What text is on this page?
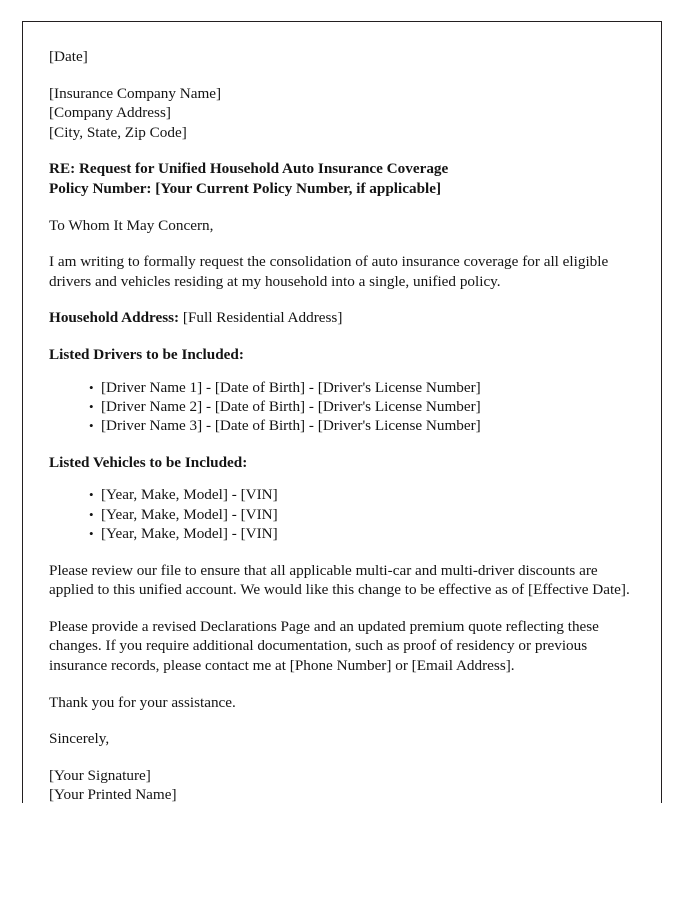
[Date]

[Insurance Company Name]
[Company Address]
[City, State, Zip Code]
RE: Request for Unified Household Auto Insurance Coverage
Policy Number: [Your Current Policy Number, if applicable]

To Whom It May Concern,

I am writing to formally request the consolidation of auto insurance coverage for all eligible drivers and vehicles residing at my household into a single, unified policy.

Household Address: [Full Residential Address]

Listed Drivers to be Included:

• [Driver Name 1] - [Date of Birth] - [Driver's License Number]
• [Driver Name 2] - [Date of Birth] - [Driver's License Number]
• [Driver Name 3] - [Date of Birth] - [Driver's License Number]

Listed Vehicles to be Included:

• [Year, Make, Model] - [VIN]
• [Year, Make, Model] - [VIN]
• [Year, Make, Model] - [VIN]

Please review our file to ensure that all applicable multi-car and multi-driver discounts are applied to this unified account. We would like this change to be effective as of [Effective Date].

Please provide a revised Declarations Page and an updated premium quote reflecting these changes. If you require additional documentation, such as proof of residency or previous insurance records, please contact me at [Phone Number] or [Email Address].

Thank you for your assistance.

Sincerely,

[Your Signature]
[Your Printed Name]
